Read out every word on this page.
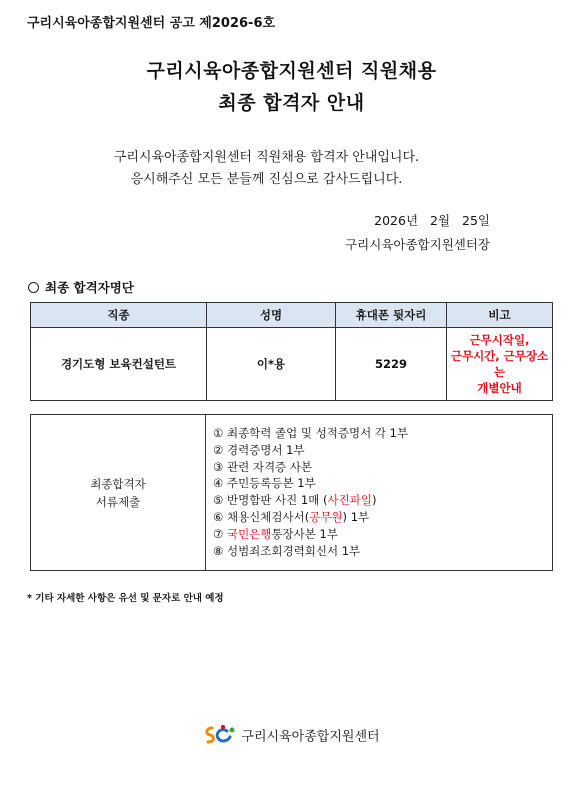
구리시육아종합지원센터 공고 제2026-6호
구리시육아종합지원센터 직원채용
최종 합격자 안내
구리시육아종합지원센터 직원채용 합격자 안내입니다.
응시해주신 모든 분들께 진심으로 감사드립니다.
2026년 2월 25일
구리시육아종합지원센터장
최종 합격자명단
직종	성명	휴대폰 뒷자리	비고
경기도형 보육컨설턴트	이*용	5229	근무시작일,
근무시간, 근무장소는
개별안내
최종합격자
서류제출

① 최종학력 졸업 및 성적증명서 각 1부
② 경력증명서 1부
③ 관련 자격증 사본
④ 주민등록등본 1부
⑤ 반명함판 사진 1매 (사진파일)
⑥ 채용신체검사서(공무원) 1부
⑦ 국민은행통장사본 1부
⑧ 성범죄조회경력회신서 1부
* 기타 자세한 사항은 유선 및 문자로 안내 예정
구리시육아종합지원센터
